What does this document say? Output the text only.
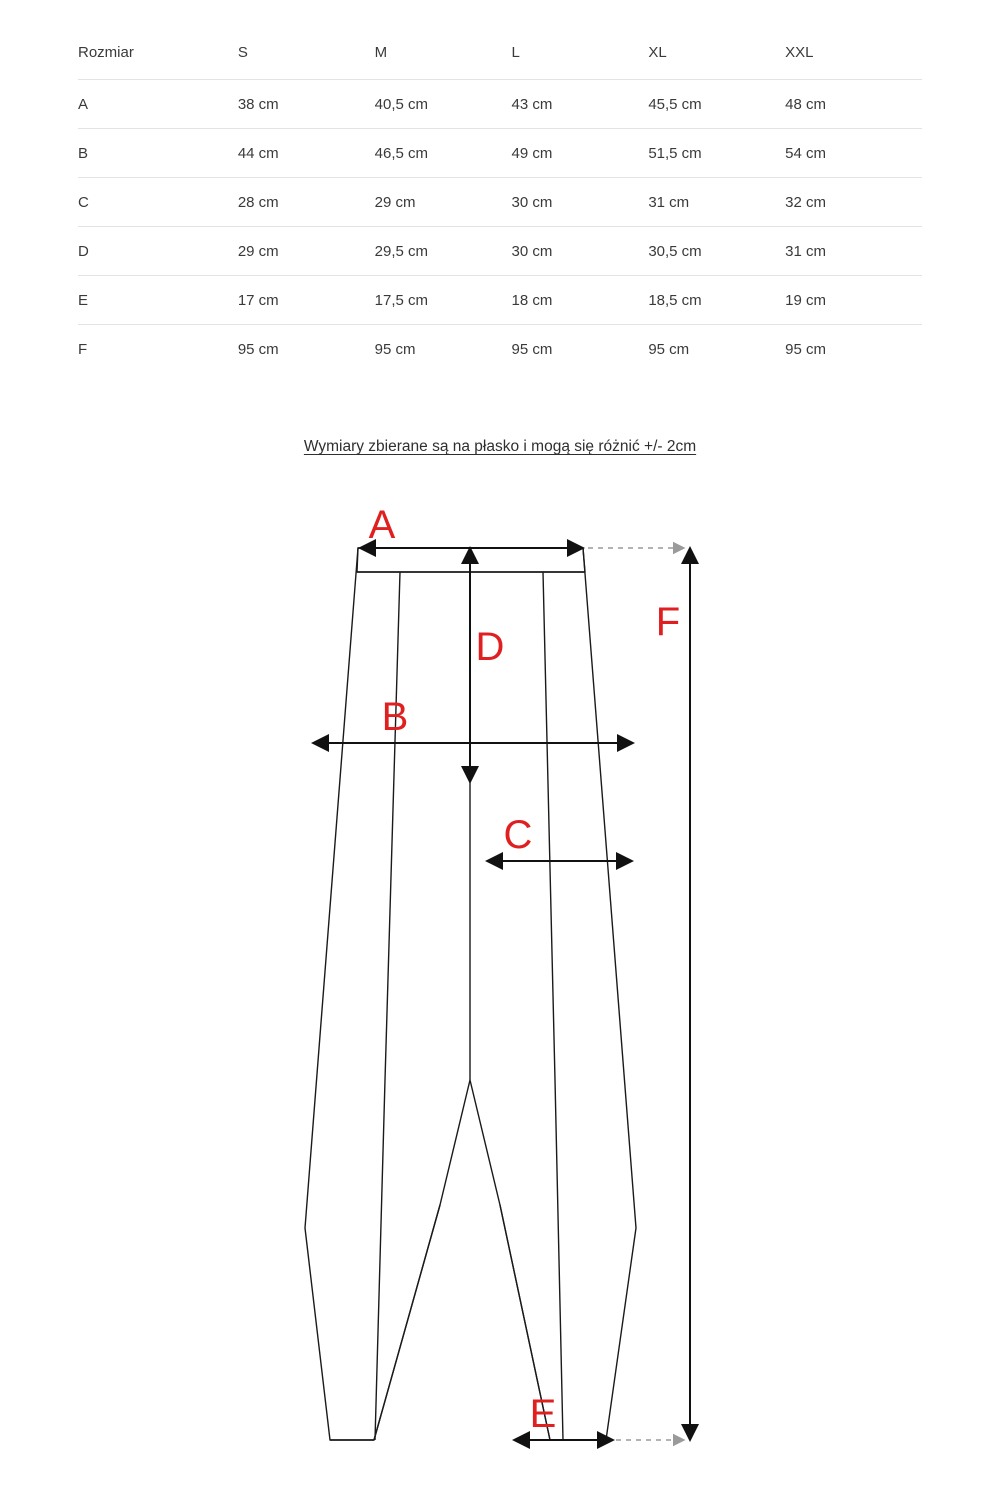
Rozmiar	S	M	L	XL	XXL
A	38 cm	40,5 cm	43 cm	45,5 cm	48 cm
B	44 cm	46,5 cm	49 cm	51,5 cm	54 cm
C	28 cm	29 cm	30 cm	31 cm	32 cm
D	29 cm	29,5 cm	30 cm	30,5 cm	31 cm
E	17 cm	17,5 cm	18 cm	18,5 cm	19 cm
F	95 cm	95 cm	95 cm	95 cm	95 cm
Wymiary zbierane są na płasko i mogą się różnić +/- 2cm
A
B
C
D
E
F
